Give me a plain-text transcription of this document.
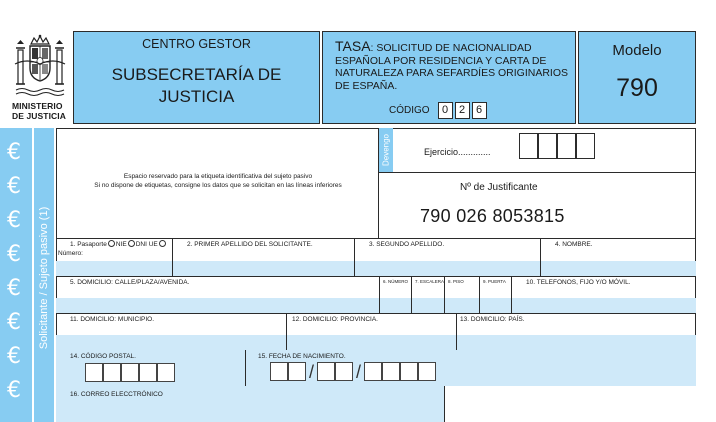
MINISTERIO DE JUSTICIA
CENTRO GESTOR
SUBSECRETARÍA DE JUSTICIA
TASA: SOLICITUD DE NACIONALIDAD ESPAÑOLA POR RESIDENCIA Y CARTA DE NATURALEZA PARA SEFARDÍES ORIGINARIOS DE ESPAÑA.
CÓDIGO	0 2 6
Modelo
790
€
€
€
€
€
€
€
€
Solicitante / Sujeto pasivo (1)
Espacio reservado para la etiqueta identificativa del sujeto pasivo
Si no dispone de etiquetas, consigne los datos que se solicitan en las líneas inferiores
Devengo	Ejercicio.............
Nº de Justificante
790 026 8053815
1. Pasaporte NIE DNI UE
Número:
2. PRIMER APELLIDO DEL SOLICITANTE.	3. SEGUNDO APELLIDO.	4. NOMBRE.
5. DOMICILIO: CALLE/PLAZA/AVENIDA.	6. NÚMERO 7. ESCALERA 8. PISO	9. PUERTA	10. TELEFONOS, FIJO Y/O MÓVIL.
11. DOMICILIO: MUNICIPIO.	12. DOMICILIO: PROVINCIA.	13. DOMICILIO: PAÍS.
14. CÓDIGO POSTAL.	15. FECHA DE NACIMIENTO.
/ /
16. CORREO ELECCTRÓNICO
